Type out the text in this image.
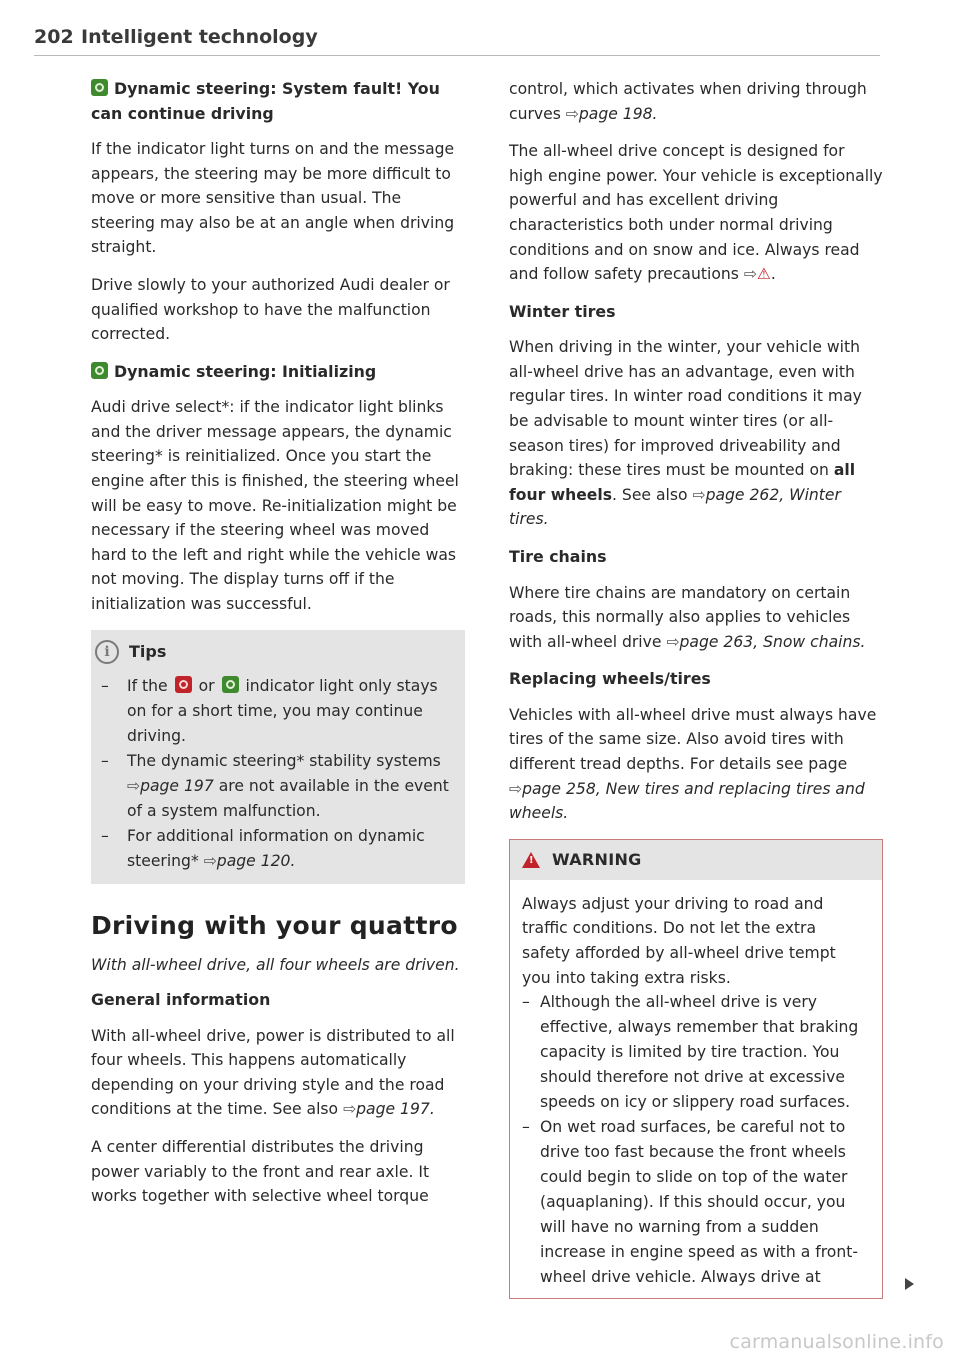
202 Intelligent technology
Dynamic steering: System fault! You can continue driving

If the indicator light turns on and the message appears, the steering may be more difficult to move or more sensitive than usual. The steering may also be at an angle when driving straight.

Drive slowly to your authorized Audi dealer or qualified workshop to have the malfunction corrected.

Dynamic steering: Initializing

Audi drive select*: if the indicator light blinks and the driver message appears, the dynamic steering* is reinitialized. Once you start the engine after this is finished, the steering wheel will be easy to move. Re-initialization might be necessary if the steering wheel was moved hard to the left and right while the vehicle was not moving. The display turns off if the initialization was successful.

i	Tips
– If the or indicator light only stays on for a short time, you may continue driving.
– The dynamic steering* stability systems ⇨page 197 are not available in the event of a system malfunction.
– For additional information on dynamic steering* ⇨page 120.
Driving with your quattro

With all-wheel drive, all four wheels are driven.

General information

With all-wheel drive, power is distributed to all four wheels. This happens automatically depending on your driving style and the road conditions at the time. See also ⇨page 197.

A center differential distributes the driving power variably to the front and rear axle. It works together with selective wheel torque

control, which activates when driving through curves ⇨page 198.

The all-wheel drive concept is designed for high engine power. Your vehicle is exceptionally powerful and has excellent driving characteristics both under normal driving conditions and on snow and ice. Always read and follow safety precautions ⇨⚠.

Winter tires

When driving in the winter, your vehicle with all-wheel drive has an advantage, even with regular tires. In winter road conditions it may be advisable to mount winter tires (or all-season tires) for improved driveability and braking: these tires must be mounted on all four wheels. See also ⇨page 262, Winter tires.

Tire chains

Where tire chains are mandatory on certain roads, this normally also applies to vehicles with all-wheel drive ⇨page 263, Snow chains.

Replacing wheels/tires

Vehicles with all-wheel drive must always have tires of the same size. Also avoid tires with different tread depths. For details see page ⇨page 258, New tires and replacing tires and wheels.

!
WARNING

Always adjust your driving to road and traffic conditions. Do not let the extra safety afforded by all-wheel drive tempt you into taking extra risks.

– Although the all-wheel drive is very effective, always remember that braking capacity is limited by tire traction. You should therefore not drive at excessive speeds on icy or slippery road surfaces.
– On wet road surfaces, be careful not to drive too fast because the front wheels could begin to slide on top of the water (aquaplaning). If this should occur, you will have no warning from a sudden increase in engine speed as with a front-wheel drive vehicle. Always drive at
carmanualsonline.info
